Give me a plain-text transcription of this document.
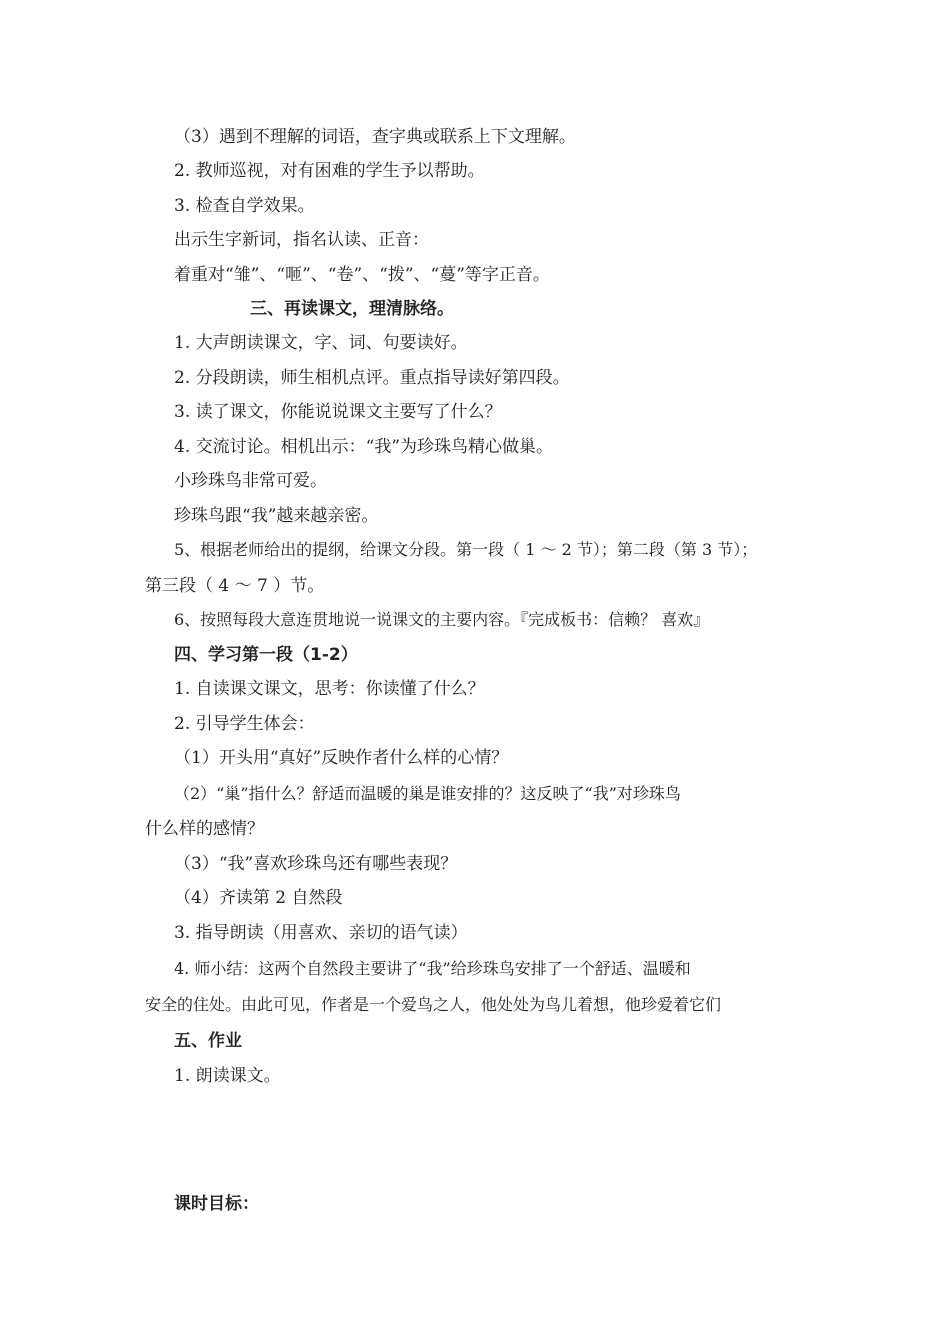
（3）遇到不理解的词语，查字典或联系上下文理解。
2. 教师巡视，对有困难的学生予以帮助。
3. 检查自学效果。
出示生字新词，指名认读、正音：
着重对“雏”、“咂”、“卷”、“拨”、“蔓”等字正音。
三、再读课文，理清脉络。
1. 大声朗读课文，字、词、句要读好。
2. 分段朗读，师生相机点评。重点指导读好第四段。
3. 读了课文，你能说说课文主要写了什么？
4. 交流讨论。相机出示：“我”为珍珠鸟精心做巢。
小珍珠鸟非常可爱。
珍珠鸟跟“我”越来越亲密。
5、根据老师给出的提纲，给课文分段。第一段（ 1 ～ 2 节）；第二段（第 3 节）；
第三段（ 4 ～ 7 ）节。
6、按照每段大意连贯地说一说课文的主要内容。『完成板书：信赖？ 喜欢』
四、学习第一段（1-2）
1. 自读课文课文，思考：你读懂了什么？
2. 引导学生体会：
（1）开头用“真好”反映作者什么样的心情？
（2）“巢”指什么？舒适而温暖的巢是谁安排的？这反映了“我”对珍珠鸟
什么样的感情？
（3）“我”喜欢珍珠鸟还有哪些表现？
（4）齐读第 2 自然段
3. 指导朗读（用喜欢、亲切的语气读）
4. 师小结：这两个自然段主要讲了“我”给珍珠鸟安排了一个舒适、温暖和
安全的住处。由此可见，作者是一个爱鸟之人，他处处为鸟儿着想，他珍爱着它们
五、作业
1. 朗读课文。
课时目标：
